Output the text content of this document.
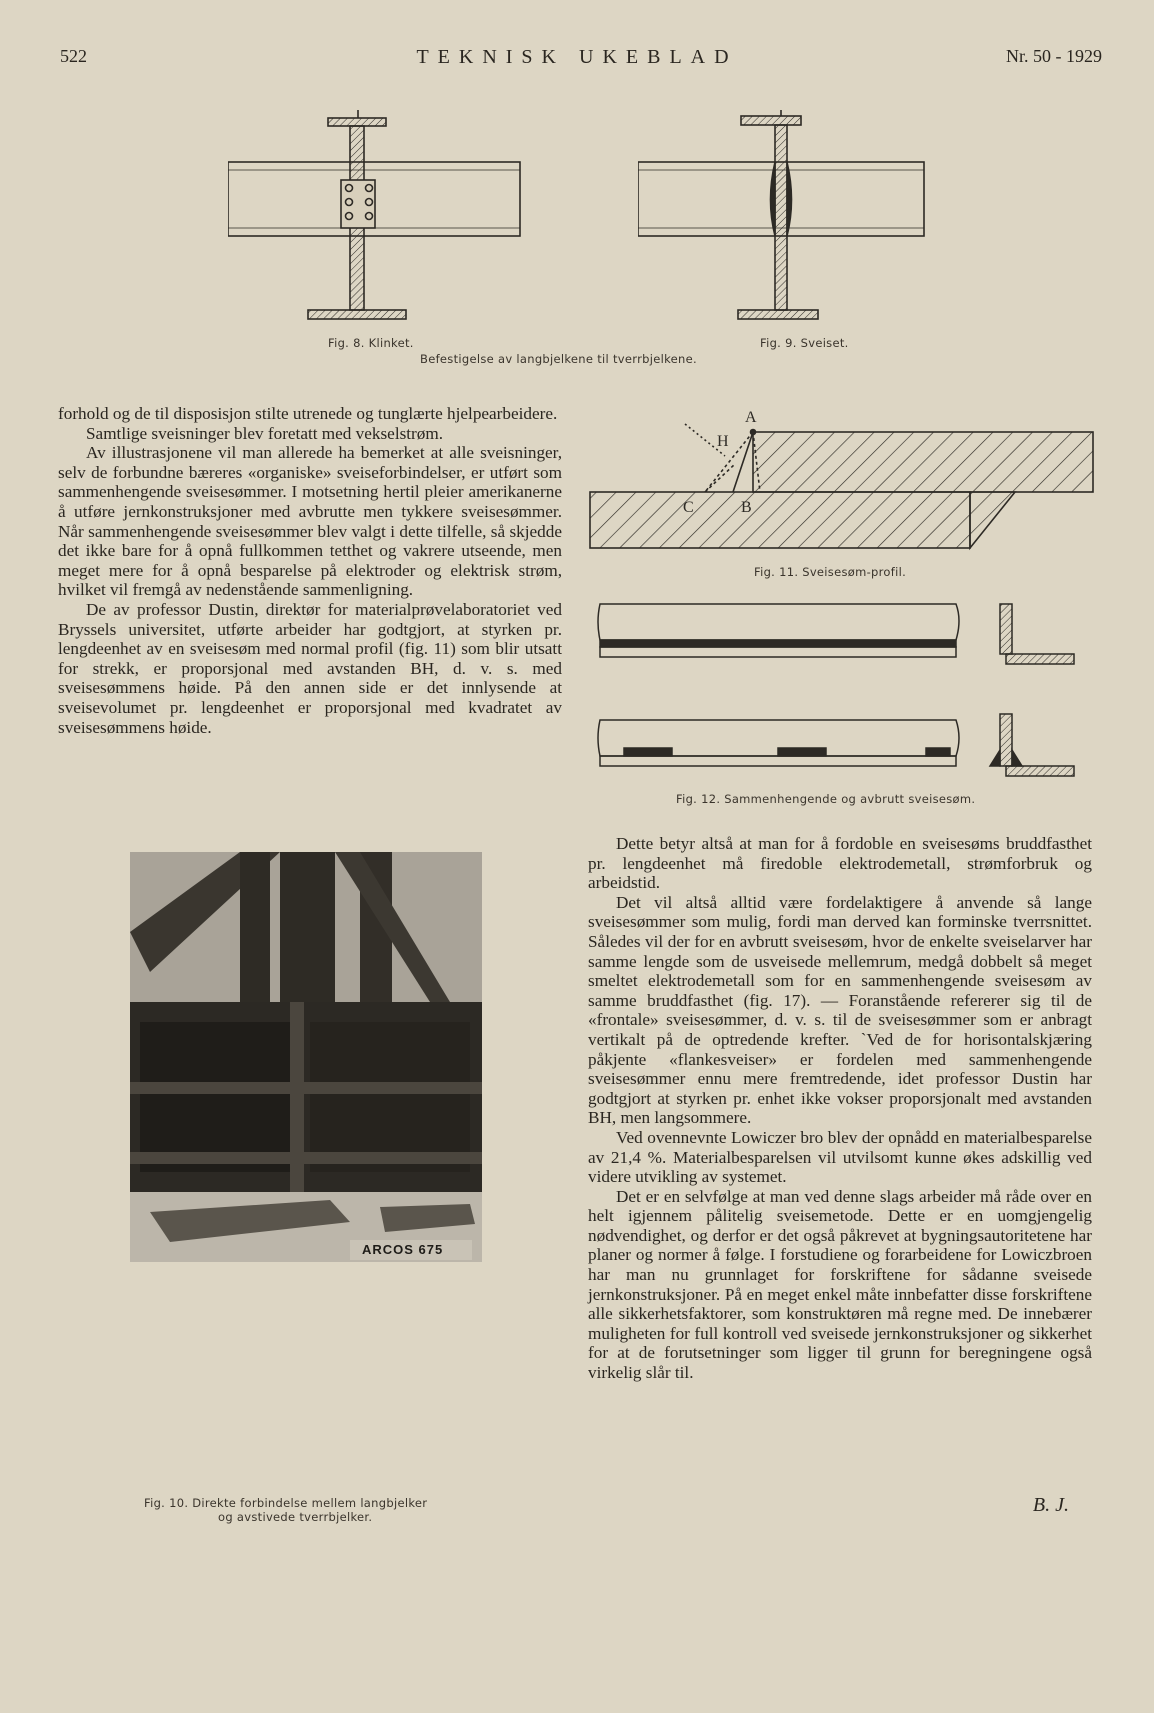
522	TEKNISK UKEBLAD	Nr. 50 - 1929
Fig. 8. Klinket.	Fig. 9. Sveiset.
Befestigelse av langbjelkene til tverrbjelkene.

forhold og de til disposisjon stilte utrenede og tunglærte hjelpearbeidere.

Samtlige sveisninger blev foretatt med vekselstrøm.

Av illustrasjonene vil man allerede ha bemerket at alle sveisninger, selv de forbundne bæreres «organiske» sveiseforbindelser, er utført som sammenhengende sveisesømmer. I motsetning hertil pleier amerikanerne å utføre jernkonstruksjoner med avbrutte men tykkere sveisesømmer. Når sammenhengende sveisesømmer blev valgt i dette tilfelle, så skjedde det ikke bare for å opnå fullkommen tetthet og vakrere utseende, men meget mere for å opnå besparelse på elektroder og elektrisk strøm, hvilket vil fremgå av nedenstående sammenligning.

De av professor Dustin, direktør for materialprøvelaboratoriet ved Bryssels universitet, utførte arbeider har godtgjort, at styrken pr. lengdeenhet av en sveisesøm med normal profil (fig. 11) som blir utsatt for strekk, er proporsjonal med avstanden BH, d. v. s. med sveisesømmens høide. På den annen side er det innlysende at sveisevolumet pr. lengdeenhet er proporsjonal med kvadratet av sveisesømmens høide.

A
H
C	B
Fig. 11. Sveisesøm-profil.
Fig. 12. Sammenhengende og avbrutt sveisesøm.
ARCOS 675
Fig. 10. Direkte forbindelse mellem langbjelker
og avstivede tverrbjelker.

Dette betyr altså at man for å fordoble en sveisesøms bruddfasthet pr. lengdeenhet må firedoble elektrodemetall, strømforbruk og arbeidstid.

Det vil altså alltid være fordelaktigere å anvende så lange sveisesømmer som mulig, fordi man derved kan forminske tverrsnittet. Således vil der for en avbrutt sveisesøm, hvor de enkelte sveiselarver har samme lengde som de usveisede mellemrum, medgå dobbelt så meget smeltet elektrodemetall som for en sammenhengende sveisesøm av samme bruddfasthet (fig. 17). — Foranstående refererer sig til de «frontale» sveisesømmer, d. v. s. til de sveisesømmer som er anbragt vertikalt på de optredende krefter. `Ved de for horisontalskjæring påkjente «flankesveiser» er fordelen med sammenhengende sveisesømmer ennu mere fremtredende, idet professor Dustin har godtgjort at styrken pr. enhet ikke vokser proporsjonalt med avstanden BH, men langsommere.

Ved ovennevnte Lowiczer bro blev der opnådd en materialbesparelse av 21,4 %. Materialbesparelsen vil utvilsomt kunne økes adskillig ved videre utvikling av systemet.

Det er en selvfølge at man ved denne slags arbeider må råde over en helt igjennem pålitelig sveisemetode. Dette er en uomgjengelig nødvendighet, og derfor er det også påkrevet at bygningsautoritetene har planer og normer å følge. I forstudiene og forarbeidene for Lowiczbroen har man nu grunnlaget for forskriftene for sådanne sveisede jernkonstruksjoner. På en meget enkel måte innbefatter disse forskriftene alle sikkerhetsfaktorer, som konstruktøren må regne med. De innebærer muligheten for full kontroll ved sveisede jernkonstruksjoner og sikkerhet for at de forutsetninger som ligger til grunn for beregningene også virkelig slår til.

B. J.
